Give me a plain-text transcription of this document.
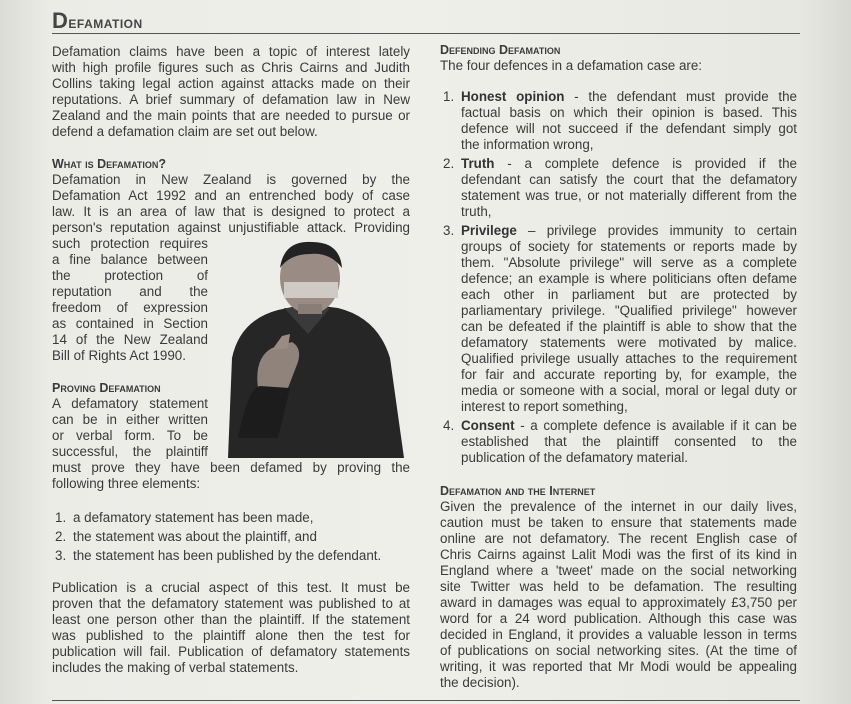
Defamation
Defamation claims have been a topic of interest lately
with high profile figures such as Chris Cairns and Judith
Collins taking legal action against attacks made on their
reputations. A brief summary of defamation law in New
Zealand and the main points that are needed to pursue or
defend a defamation claim are set out below.
What is Defamation?
Defamation in New Zealand is governed by the
Defamation Act 1992 and an entrenched body of case
law. It is an area of law that is designed to protect a
person's reputation against unjustifiable attack. Providing
such protection requires
a fine balance between
the protection of
reputation and the
freedom of expression
as contained in Section
14 of the New Zealand
Bill of Rights Act 1990.
Proving Defamation
A defamatory statement
can be in either written
or verbal form. To be
successful, the plaintiff
must prove they have been defamed by proving the
following three elements:
1. a defamatory statement has been made,
2. the statement was about the plaintiff, and
3. the statement has been published by the defendant.
Publication is a crucial aspect of this test. It must be
proven that the defamatory statement was published to at
least one person other than the plaintiff. If the statement
was published to the plaintiff alone then the test for
publication will fail. Publication of defamatory statements
includes the making of verbal statements.
Defending Defamation
The four defences in a defamation case are:
1. Honest opinion - the defendant must provide the
factual basis on which their opinion is based. This
defence will not succeed if the defendant simply got
the information wrong,
2. Truth - a complete defence is provided if the
defendant can satisfy the court that the defamatory
statement was true, or not materially different from the
truth,
3. Privilege – privilege provides immunity to certain
groups of society for statements or reports made by
them. "Absolute privilege" will serve as a complete
defence; an example is where politicians often defame
each other in parliament but are protected by
parliamentary privilege. "Qualified privilege" however
can be defeated if the plaintiff is able to show that the
defamatory statements were motivated by malice.
Qualified privilege usually attaches to the requirement
for fair and accurate reporting by, for example, the
media or someone with a social, moral or legal duty or
interest to report something,
4. Consent - a complete defence is available if it can be
established that the plaintiff consented to the
publication of the defamatory material.
Defamation and the Internet
Given the prevalence of the internet in our daily lives,
caution must be taken to ensure that statements made
online are not defamatory. The recent English case of
Chris Cairns against Lalit Modi was the first of its kind in
England where a 'tweet' made on the social networking
site Twitter was held to be defamation. The resulting
award in damages was equal to approximately £3,750 per
word for a 24 word publication. Although this case was
decided in England, it provides a valuable lesson in terms
of publications on social networking sites. (At the time of
writing, it was reported that Mr Modi would be appealing
the decision).
